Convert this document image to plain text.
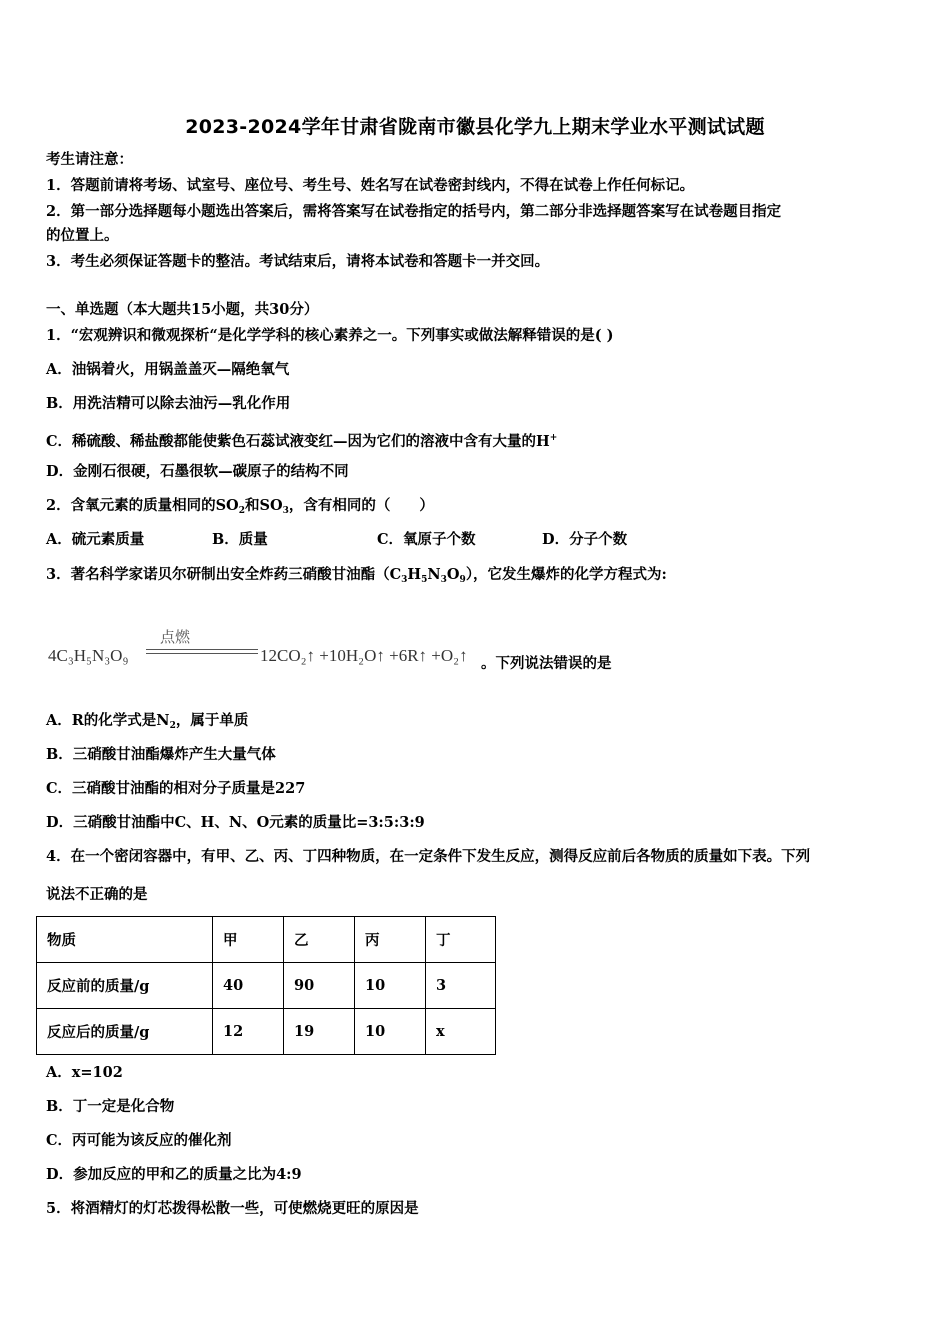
2023-2024学年甘肃省陇南市徽县化学九上期末学业水平测试试题
考生请注意：
1．答题前请将考场、试室号、座位号、考生号、姓名写在试卷密封线内，不得在试卷上作任何标记。
2．第一部分选择题每小题选出答案后，需将答案写在试卷指定的括号内，第二部分非选择题答案写在试卷题目指定
的位置上。
3．考生必须保证答题卡的整洁。考试结束后，请将本试卷和答题卡一并交回。
一、单选题（本大题共15小题，共30分）
1．“宏观辨识和微观探析“是化学学科的核心素养之一。下列事实或做法解释错误的是( )
A．油锅着火，用锅盖盖灭—隔绝氧气
B．用洗洁精可以除去油污—乳化作用
C．稀硫酸、稀盐酸都能使紫色石蕊试液变红—因为它们的溶液中含有大量的H+
D．金刚石很硬，石墨很软—碳原子的结构不同
2．含氧元素的质量相同的$SO_2$和$SO_3$，含有相同的（　　）
A．硫元素质量	B．质量	C．氧原子个数	D．分子个数
3．著名科学家诺贝尔研制出安全炸药三硝酸甘油酯$(C_3H_5N_3O_9)$，它发生爆炸的化学方程式为:
4C₃H₅N₃O₉
点燃
12CO₂↑ +10H₂O↑ +6R↑ +O₂↑ 。下列说法错误的是
A．R的化学式是$N_2$，属于单质
B．三硝酸甘油酯爆炸产生大量气体
C．三硝酸甘油酯的相对分子质量是227
D．三硝酸甘油酯中C、H、N、O元素的质量比=3:5:3:9
4．在一个密闭容器中，有甲、乙、丙、丁四种物质，在一定条件下发生反应，测得反应前后各物质的质量如下表。下列
说法不正确的是
物质	甲	乙	丙	丁
反应前的质量/g	40	90	10	3
反应后的质量/g	12	19	10	x
A．x=102
B．丁一定是化合物
C．丙可能为该反应的催化剂
D．参加反应的甲和乙的质量之比为4:9
5．将酒精灯的灯芯拨得松散一些，可使燃烧更旺的原因是
